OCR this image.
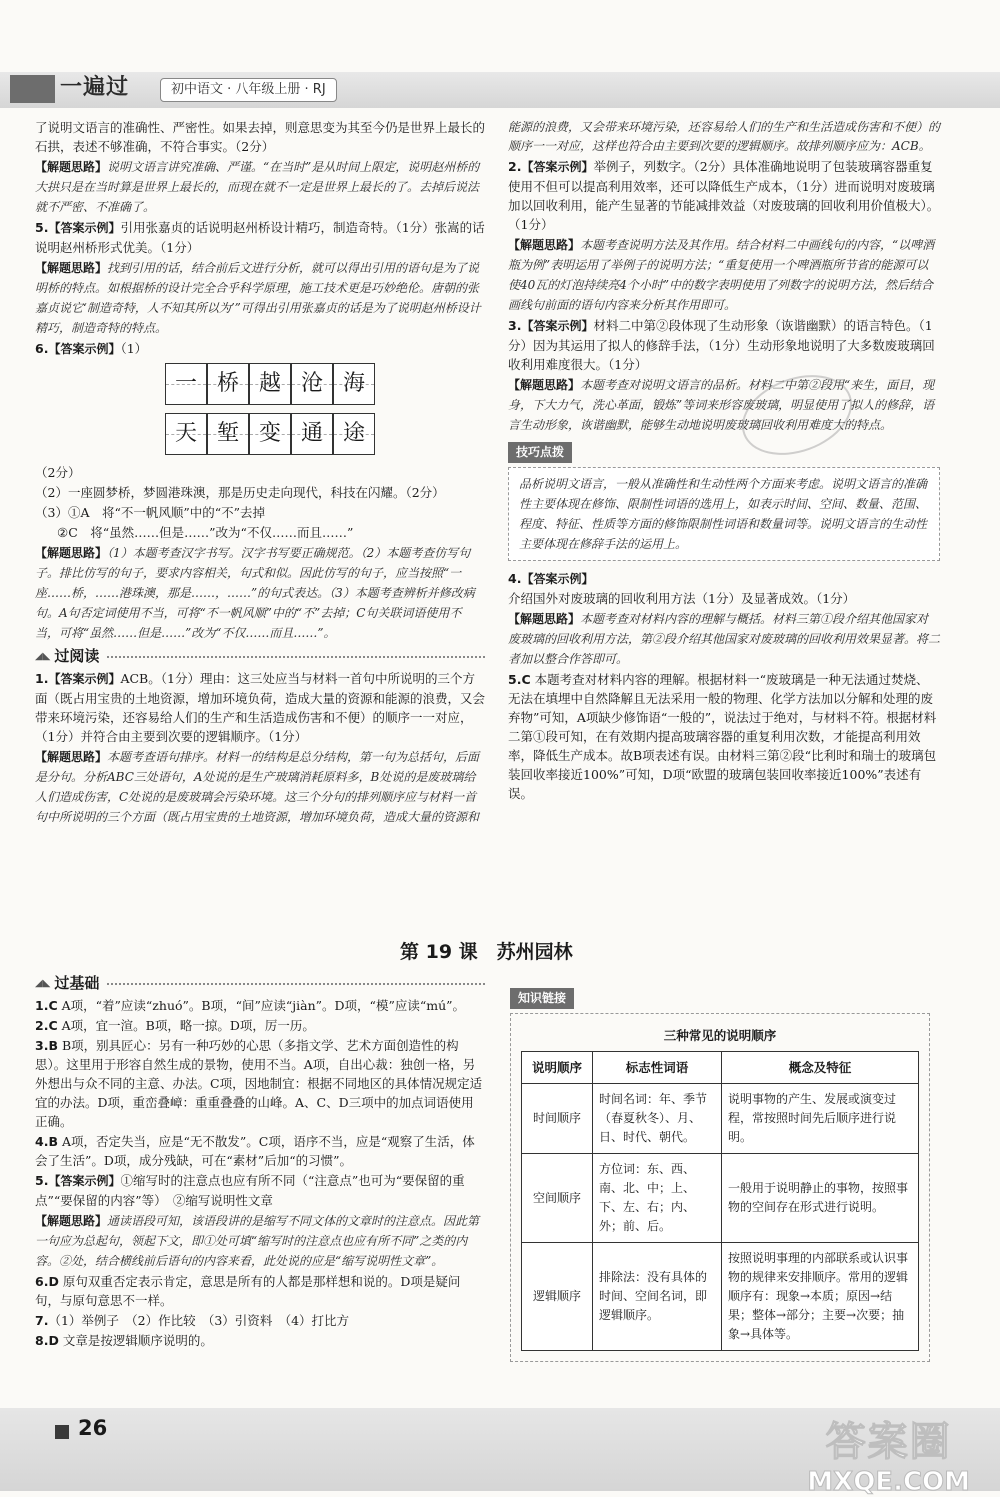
一遍过	初中语文 · 八年级上册 · RJ

了说明文语言的准确性、严密性。如果去掉，则意思变为其至今仍是世界上最长的石拱，表述不够准确，不符合事实。（2分）

【解题思路】说明文语言讲究准确、严谨。“在当时”是从时间上限定，说明赵州桥的大拱只是在当时算是世界上最长的，而现在就不一定是世界上最长的了。去掉后说法就不严密、不准确了。

5.【答案示例】引用张嘉贞的话说明赵州桥设计精巧，制造奇特。（1分）张嵩的话说明赵州桥形式优美。（1分）

【解题思路】找到引用的话，结合前后文进行分析，就可以得出引用的语句是为了说明桥的特点。如根据桥的设计完全合乎科学原理，施工技术更是巧妙绝伦。唐朝的张嘉贞说它‘制造奇特，人不知其所以为’”可得出引用张嘉贞的话是为了说明赵州桥设计精巧，制造奇特的特点。

6.【答案示例】（1）

一 桥 越 沧 海
天 堑 变 通 途

（2分）

（2）一座圆梦桥，梦圆港珠澳，那是历史走向现代，科技在闪耀。（2分）

（3）①A　将“不一帆风顺”中的“不”去掉

②C　将“虽然……但是……”改为“不仅……而且……”

【解题思路】（1）本题考查汉字书写。汉字书写要正确规范。（2）本题考查仿写句子。排比仿写的句子，要求内容相关，句式和似。因此仿写的句子，应当按照“一座……桥，……港珠澳，那是……，……”的句式表达。（3）本题考查辨析并修改病句。A句否定词使用不当，可将“不一帆风顺”中的“不”去掉；C句关联词语使用不当，可将“虽然……但是……”改为“不仅……而且……”。

◢◣ 过阅读

1.【答案示例】ACB。（1分）理由：这三处应当与材料一首句中所说明的三个方面（既占用宝贵的土地资源，增加环境负荷，造成大量的资源和能源的浪费，又会带来环境污染，还容易给人们的生产和生活造成伤害和不便）的顺序一一对应，（1分）并符合由主要到次要的逻辑顺序。（1分）

【解题思路】本题考查语句排序。材料一的结构是总分结构，第一句为总括句，后面是分句。分析ABC三处语句，A处说的是生产玻璃消耗原料多，B处说的是废玻璃给人们造成伤害，C处说的是废玻璃会污染环境。这三个分句的排列顺序应与材料一首句中所说明的三个方面（既占用宝贵的土地资源，增加环境负荷，造成大量的资源和

能源的浪费，又会带来环境污染，还容易给人们的生产和生活造成伤害和不便）的顺序一一对应，这样也符合由主要到次要的逻辑顺序。故排列顺序应为：ACB。

2.【答案示例】举例子，列数字。（2分）具体准确地说明了包装玻璃容器重复使用不但可以提高利用效率，还可以降低生产成本，（1分）进而说明对废玻璃加以回收利用，能产生显著的节能减排效益（对废玻璃的回收利用价值极大）。（1分）

【解题思路】本题考查说明方法及其作用。结合材料二中画线句的内容，“以啤酒瓶为例”表明运用了举例子的说明方法；“重复使用一个啤酒瓶所节省的能源可以使40瓦的灯泡持续亮4个小时”中的数字表明使用了列数字的说明方法，然后结合画线句前面的语句内容来分析其作用即可。

3.【答案示例】材料二中第②段体现了生动形象（诙谐幽默）的语言特色。（1分）因为其运用了拟人的修辞手法，（1分）生动形象地说明了大多数废玻璃回收利用难度很大。（1分）

【解题思路】本题考查对说明文语言的品析。材料二中第②段用“来生，面目，现身，下大力气，洗心革面，锻炼”等词来形容废玻璃，明显使用了拟人的修辞，语言生动形象，诙谐幽默，能够生动地说明废玻璃回收利用难度大的特点。

技巧点拨
品析说明文语言，一般从准确性和生动性两个方面来考虑。说明文语言的准确性主要体现在修饰、限制性词语的选用上，如表示时间、空间、数量、范围、程度、特征、性质等方面的修饰限制性词语和数量词等。说明文语言的生动性主要体现在修辞手法的运用上。

4.【答案示例】介绍国外对废玻璃的回收利用方法（1分）及显著成效。（1分）

【解题思路】本题考查对材料内容的理解与概括。材料三第①段介绍其他国家对废玻璃的回收利用方法，第②段介绍其他国家对废玻璃的回收利用效果显著。将二者加以整合作答即可。

5.C 本题考查对材料内容的理解。根据材料一“废玻璃是一种无法通过焚烧、无法在填埋中自然降解且无法采用一般的物理、化学方法加以分解和处理的废弃物”可知，A项缺少修饰语“一般的”，说法过于绝对，与材料不符。根据材料二第①段可知，在有效期内提高玻璃容器的重复利用次数，才能提高利用效率，降低生产成本。故B项表述有误。由材料三第②段“比利时和瑞士的玻璃包装回收率接近100%”可知，D项“欧盟的玻璃包装回收率接近100%”表述有误。

第 19 课　苏州园林
◢◣ 过基础

1.C A项，“着”应读“zhuó”。B项，“间”应读“jiàn”。D项，“模”应读“mú”。

2.C A项，宜一渲。B项，略一掠。D项，厉一历。

3.B B项，别具匠心：另有一种巧妙的心思（多指文学、艺术方面创造性的构思）。这里用于形容自然生成的景物，使用不当。A项，自出心裁：独创一格，另外想出与众不同的主意、办法。C项，因地制宜：根据不同地区的具体情况规定适宜的办法。D项，重峦叠嶂：重重叠叠的山峰。A、C、D三项中的加点词语使用正确。

4.B A项，否定失当，应是“无不散发”。C项，语序不当，应是“观察了生活，体会了生活”。D项，成分残缺，可在“素材”后加“的习惯”。

5.【答案示例】①缩写时的注意点也应有所不同（“注意点”也可为“要保留的重点”“要保留的内容”等）　②缩写说明性文章

【解题思路】通读语段可知，该语段讲的是缩写不同文体的文章时的注意点。因此第一句应为总起句，领起下文，即①处可填“缩写时的注意点也应有所不同”之类的内容。②处，结合横线前后语句的内容来看，此处说的应是“缩写说明性文章”。

6.D 原句双重否定表示肯定，意思是所有的人都是那样想和说的。D项是疑问句，与原句意思不一样。

7.（1）举例子　（2）作比较　（3）引资料　（4）打比方

8.D 文章是按逻辑顺序说明的。

知识链接
三种常见的说明顺序
说明顺序	标志性词语	概念及特征
时间顺序	时间名词：年、季节（春夏秋冬）、月、日、时代、朝代。	说明事物的产生、发展或演变过程，常按照时间先后顺序进行说明。
空间顺序	方位词：东、西、南、北、中；上、下、左、右；内、外；前、后。	一般用于说明静止的事物，按照事物的空间存在形式进行说明。
逻辑顺序	排除法：没有具体的时间、空间名词，即逻辑顺序。	按照说明事理的内部联系或认识事物的规律来安排顺序。常用的逻辑顺序有：现象→本质；原因→结果；整体→部分；主要→次要；抽象→具体等。
26	答案圈
MXQE.COM
